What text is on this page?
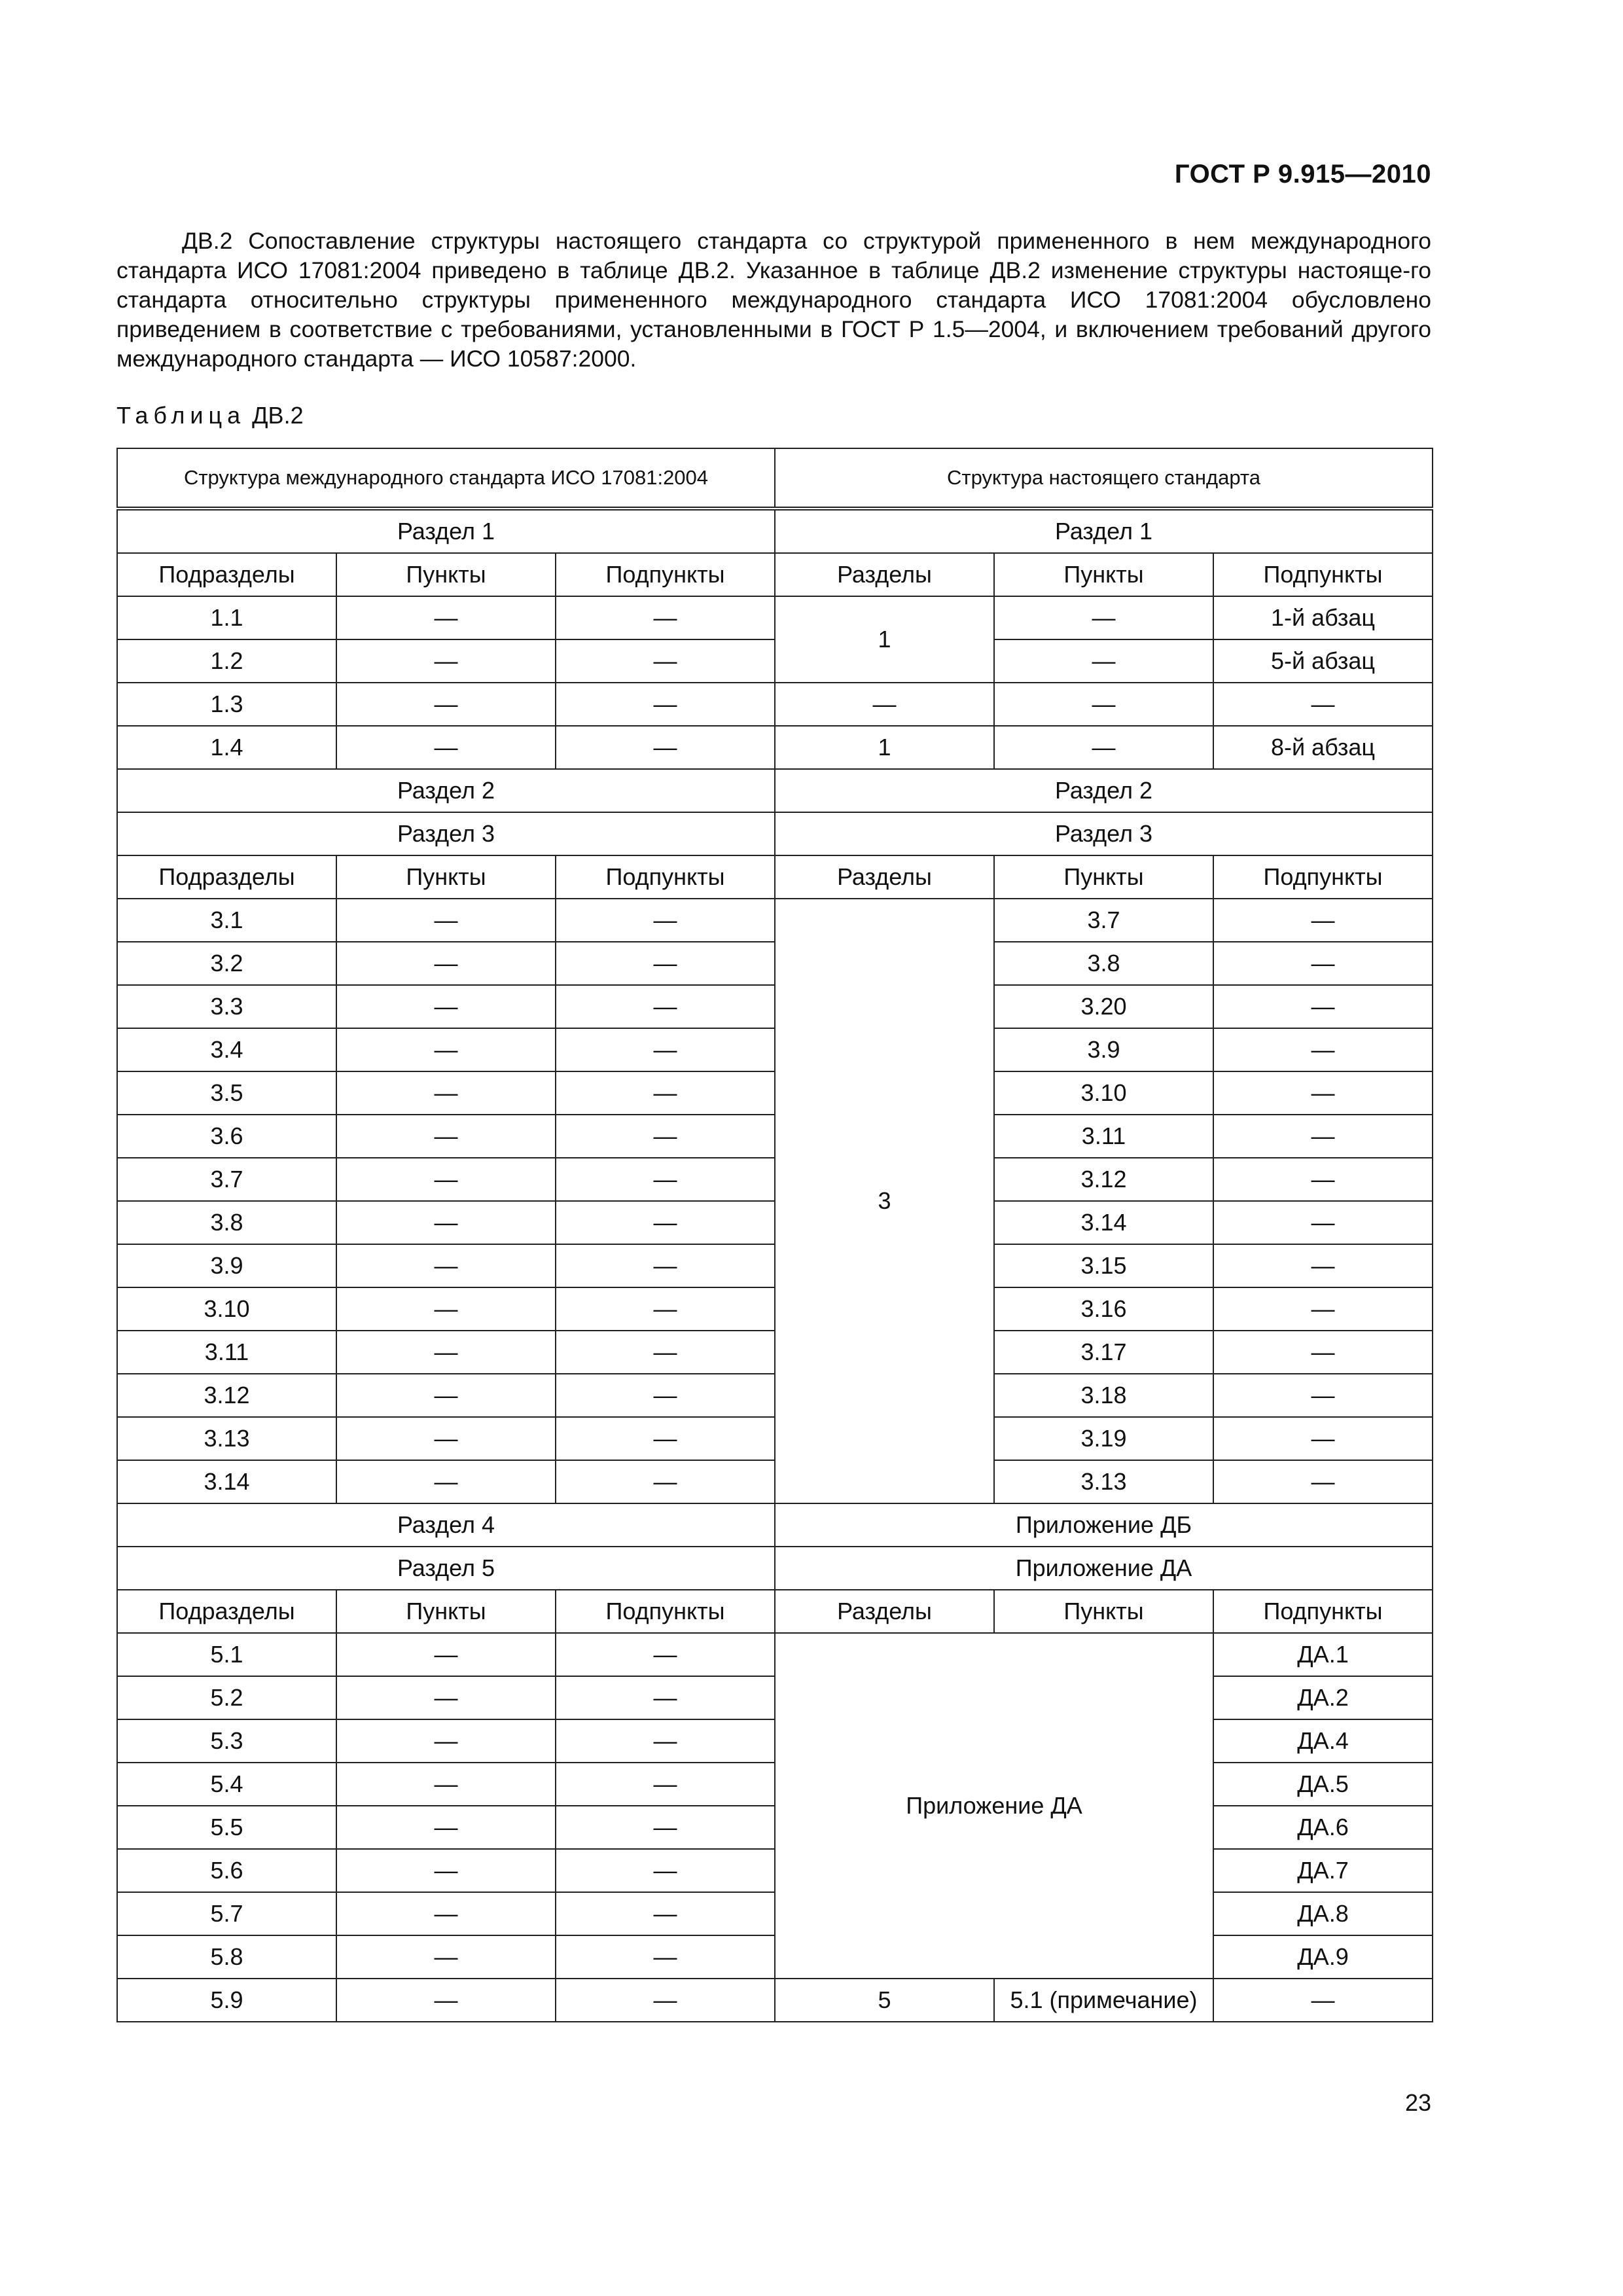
ГОСТ Р 9.915—2010

ДВ.2 Сопоставление структуры настоящего стандарта со структурой примененного в нем международного стандарта ИСО 17081:2004 приведено в таблице ДВ.2. Указанное в таблице ДВ.2 изменение структуры настояще-го стандарта относительно структуры примененного международного стандарта ИСО 17081:2004 обусловлено приведением в соответствие с требованиями, установленными в ГОСТ Р 1.5—2004, и включением требований другого международного стандарта — ИСО 10587:2000.

Таблица ДВ.2
Структура международного стандарта ИСО 17081:2004			Структура настоящего стандарта		
Раздел 1			Раздел 1		
Подразделы	Пункты	Подпункты	Разделы	Пункты	Подпункты
1.1	—	—	1	—	1-й абзац
1.2	—	—		—	5-й абзац
1.3	—	—	—	—	—
1.4	—	—	1	—	8-й абзац
Раздел 2			Раздел 2		
Раздел 3			Раздел 3		
Подразделы	Пункты	Подпункты	Разделы	Пункты	Подпункты
3.1	—	—	3	3.7	—
3.2	—	—		3.8	—
3.3	—	—		3.20	—
3.4	—	—		3.9	—
3.5	—	—		3.10	—
3.6	—	—		3.11	—
3.7	—	—		3.12	—
3.8	—	—		3.14	—
3.9	—	—		3.15	—
3.10	—	—		3.16	—
3.11	—	—		3.17	—
3.12	—	—		3.18	—
3.13	—	—		3.19	—
3.14	—	—		3.13	—
Раздел 4			Приложение ДБ		
Раздел 5			Приложение ДА		
Подразделы	Пункты	Подпункты	Разделы	Пункты	Подпункты
5.1	—	—	Приложение ДА		ДА.1
5.2	—	—			ДА.2
5.3	—	—			ДА.4
5.4	—	—			ДА.5
5.5	—	—			ДА.6
5.6	—	—			ДА.7
5.7	—	—			ДА.8
5.8	—	—			ДА.9
5.9	—	—	5	5.1 (примечание)	—
23
